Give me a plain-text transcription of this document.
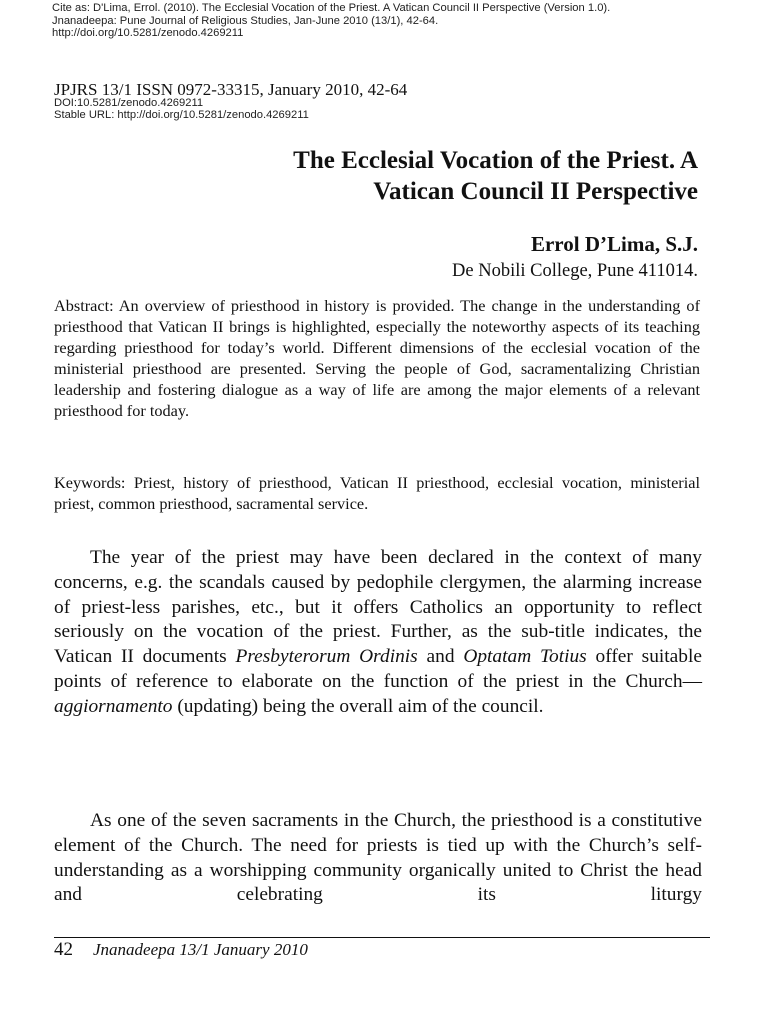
Cite as: D'Lima, Errol. (2010). The Ecclesial Vocation of the Priest. A Vatican Council II Perspective (Version 1.0).
Jnanadeepa: Pune Journal of Religious Studies, Jan-June 2010 (13/1), 42-64.
http://doi.org/10.5281/zenodo.4269211
JPJRS 13/1 ISSN 0972-33315, January 2010, 42-64
DOI:10.5281/zenodo.4269211
Stable URL: http://doi.org/10.5281/zenodo.4269211
The Ecclesial Vocation of the Priest. A
Vatican Council II Perspective
Errol D’Lima, S.J.
De Nobili College, Pune 411014.
Abstract: An overview of priesthood in history is provided. The change in the understanding of priesthood that Vatican II brings is highlighted, especially the noteworthy aspects of its teaching regarding priesthood for today’s world. Different dimensions of the ecclesial vocation of the ministerial priesthood are presented. Serving the people of God, sacramentalizing Christian leadership and fostering dialogue as a way of life are among the major elements of a relevant priesthood for today.
Keywords: Priest, history of priesthood, Vatican II priesthood, ecclesial vocation, ministerial priest, common priesthood, sacramental service.
The year of the priest may have been declared in the context of many concerns, e.g. the scandals caused by pedophile clergymen, the alarming increase of priest-less parishes, etc., but it offers Catholics an opportunity to reflect seriously on the vocation of the priest. Further, as the sub-title indicates, the Vatican II documents Presbyterorum Ordinis and Optatam Totius offer suitable points of reference to elaborate on the function of the priest in the Church—aggiornamento (updating) being the overall aim of the council.
As one of the seven sacraments in the Church, the priesthood is a constitutive element of the Church. The need for priests is tied up with the Church’s self-understanding as a worshipping community organically united to Christ the head and celebrating its liturgy
42 Jnanadeepa 13/1 January 2010
